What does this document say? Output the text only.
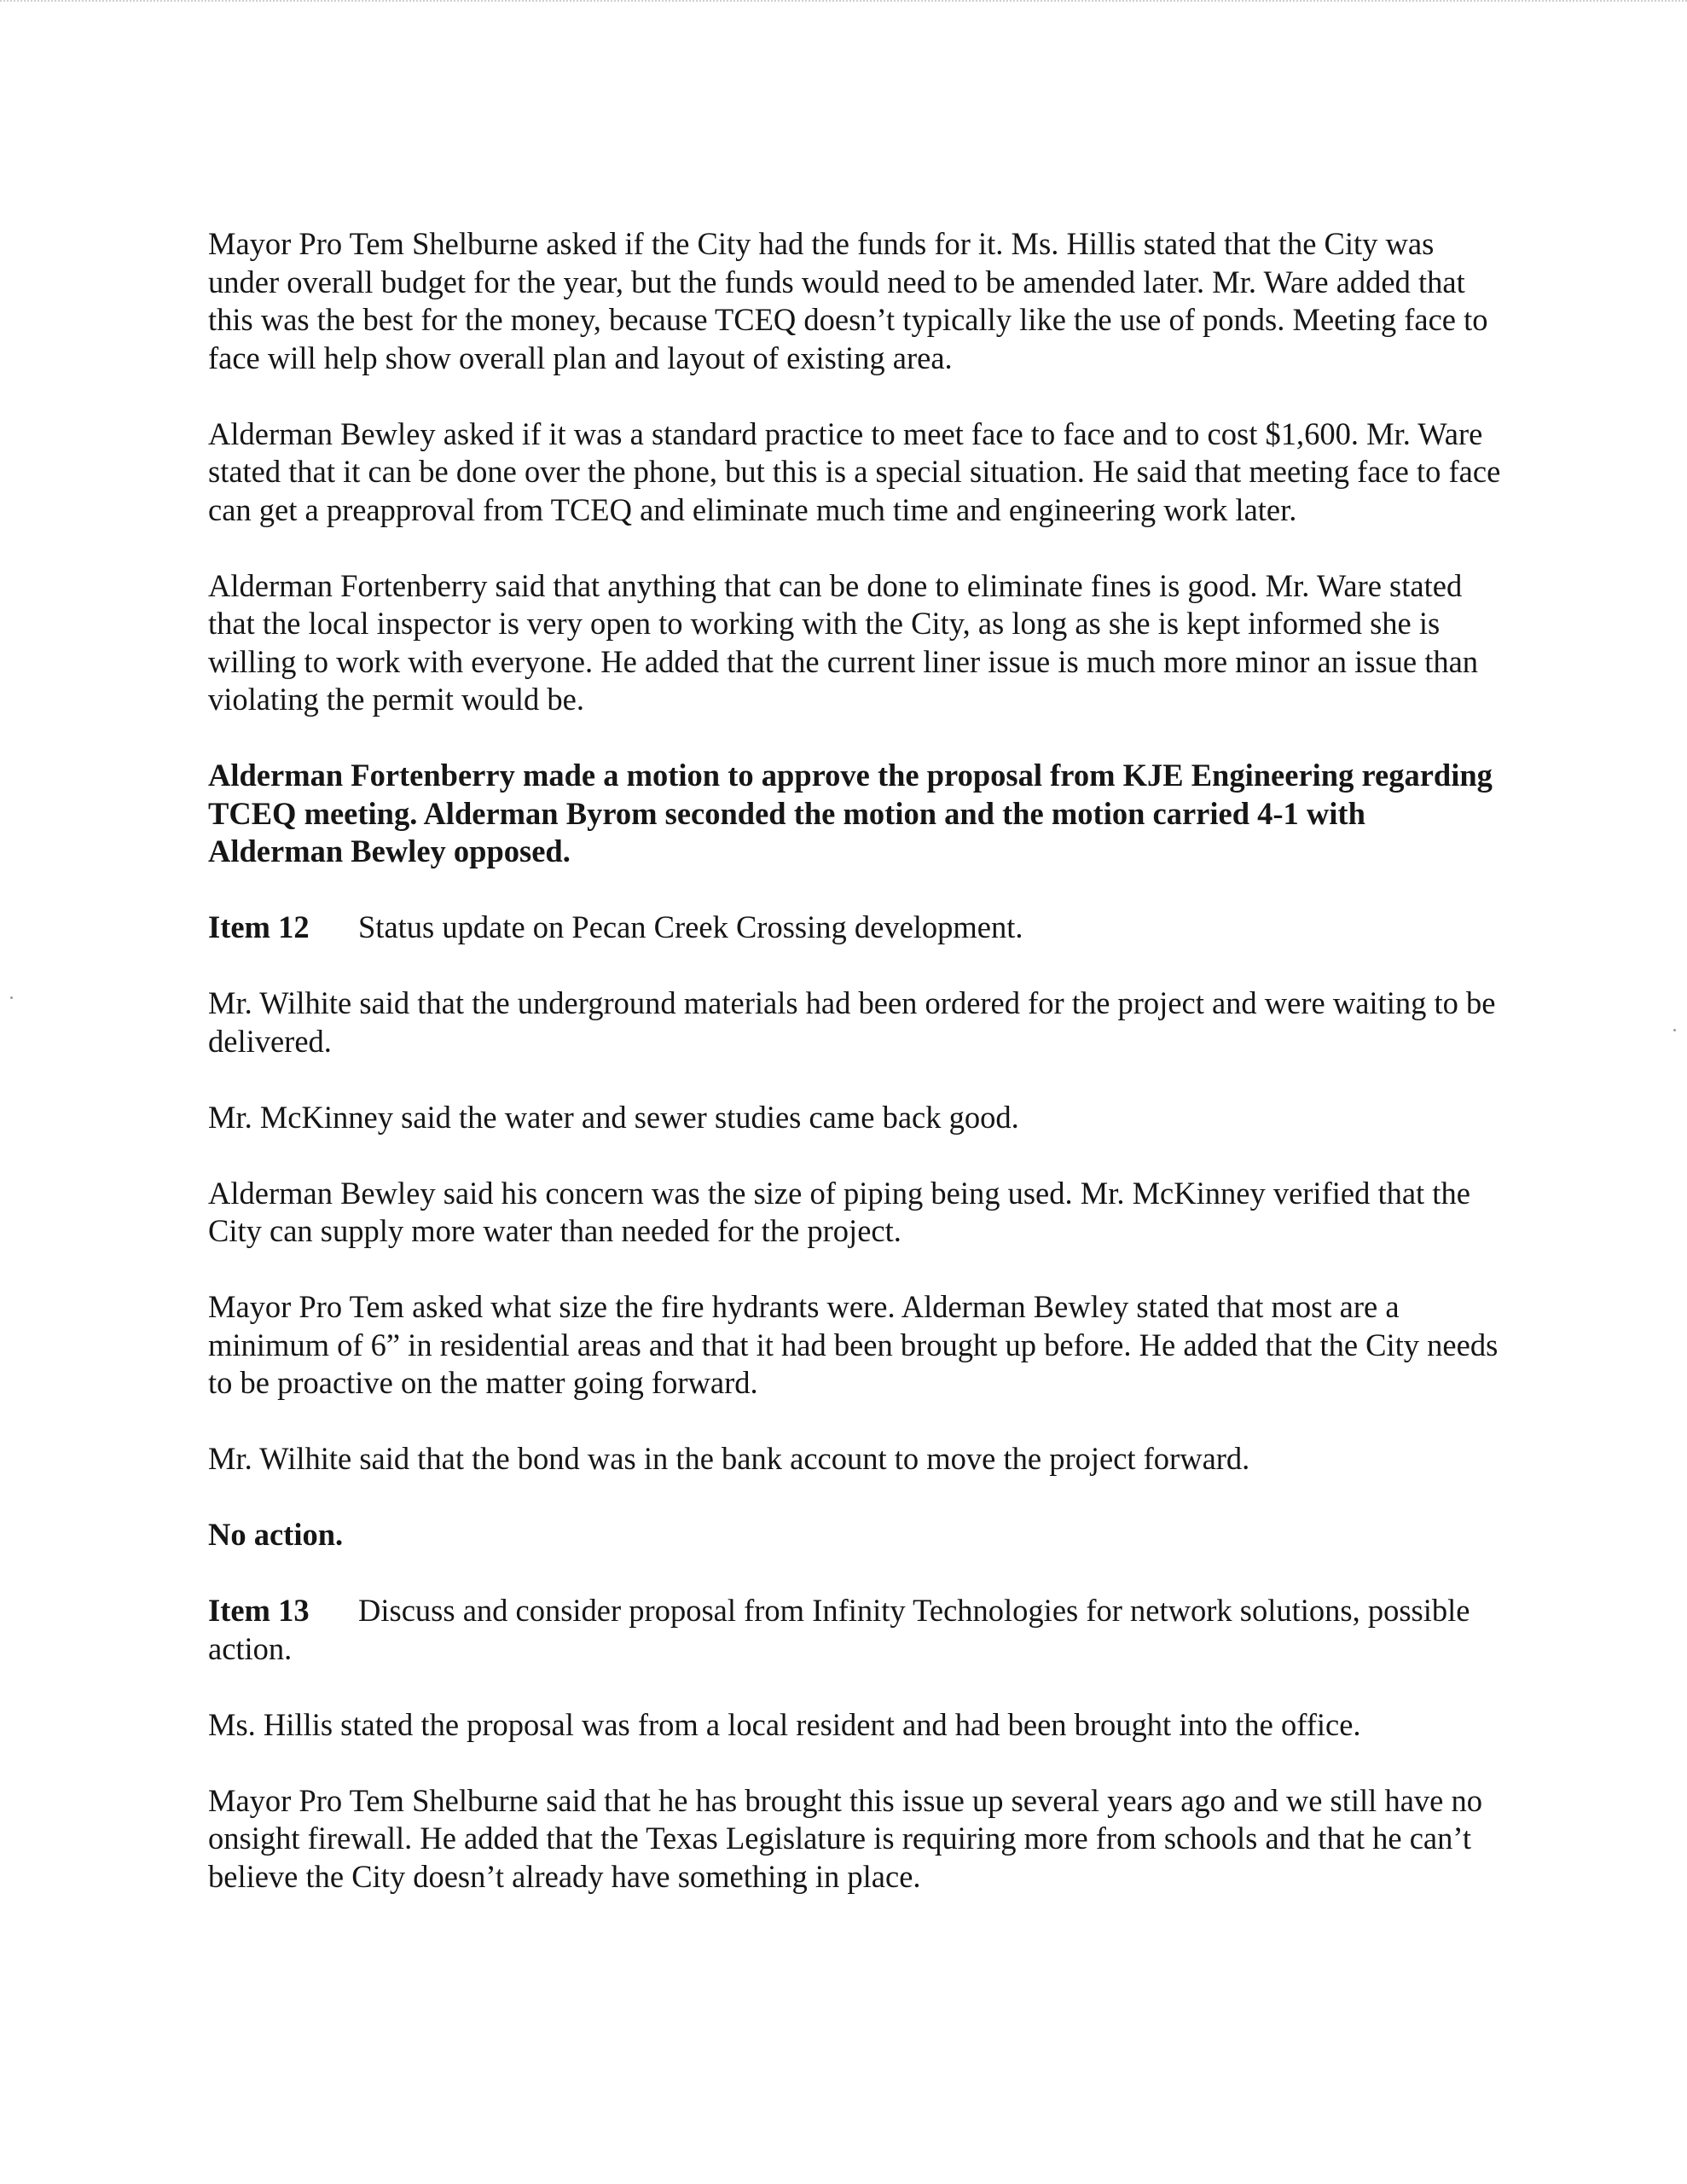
Mayor Pro Tem Shelburne asked if the City had the funds for it. Ms. Hillis stated that the City was under overall budget for the year, but the funds would need to be amended later. Mr. Ware added that this was the best for the money, because TCEQ doesn’t typically like the use of ponds. Meeting face to face will help show overall plan and layout of existing area.

Alderman Bewley asked if it was a standard practice to meet face to face and to cost $1,600. Mr. Ware stated that it can be done over the phone, but this is a special situation. He said that meeting face to face can get a preapproval from TCEQ and eliminate much time and engineering work later.

Alderman Fortenberry said that anything that can be done to eliminate fines is good. Mr. Ware stated that the local inspector is very open to working with the City, as long as she is kept informed she is willing to work with everyone. He added that the current liner issue is much more minor an issue than violating the permit would be.

Alderman Fortenberry made a motion to approve the proposal from KJE Engineering regarding TCEQ meeting. Alderman Byrom seconded the motion and the motion carried 4-1 with Alderman Bewley opposed.

Item 12 Status update on Pecan Creek Crossing development.

Mr. Wilhite said that the underground materials had been ordered for the project and were waiting to be delivered.

Mr. McKinney said the water and sewer studies came back good.

Alderman Bewley said his concern was the size of piping being used. Mr. McKinney verified that the City can supply more water than needed for the project.

Mayor Pro Tem asked what size the fire hydrants were. Alderman Bewley stated that most are a minimum of 6” in residential areas and that it had been brought up before. He added that the City needs to be proactive on the matter going forward.

Mr. Wilhite said that the bond was in the bank account to move the project forward.

No action.

Item 13 Discuss and consider proposal from Infinity Technologies for network solutions, possible action.

Ms. Hillis stated the proposal was from a local resident and had been brought into the office.

Mayor Pro Tem Shelburne said that he has brought this issue up several years ago and we still have no onsight firewall. He added that the Texas Legislature is requiring more from schools and that he can’t believe the City doesn’t already have something in place.
